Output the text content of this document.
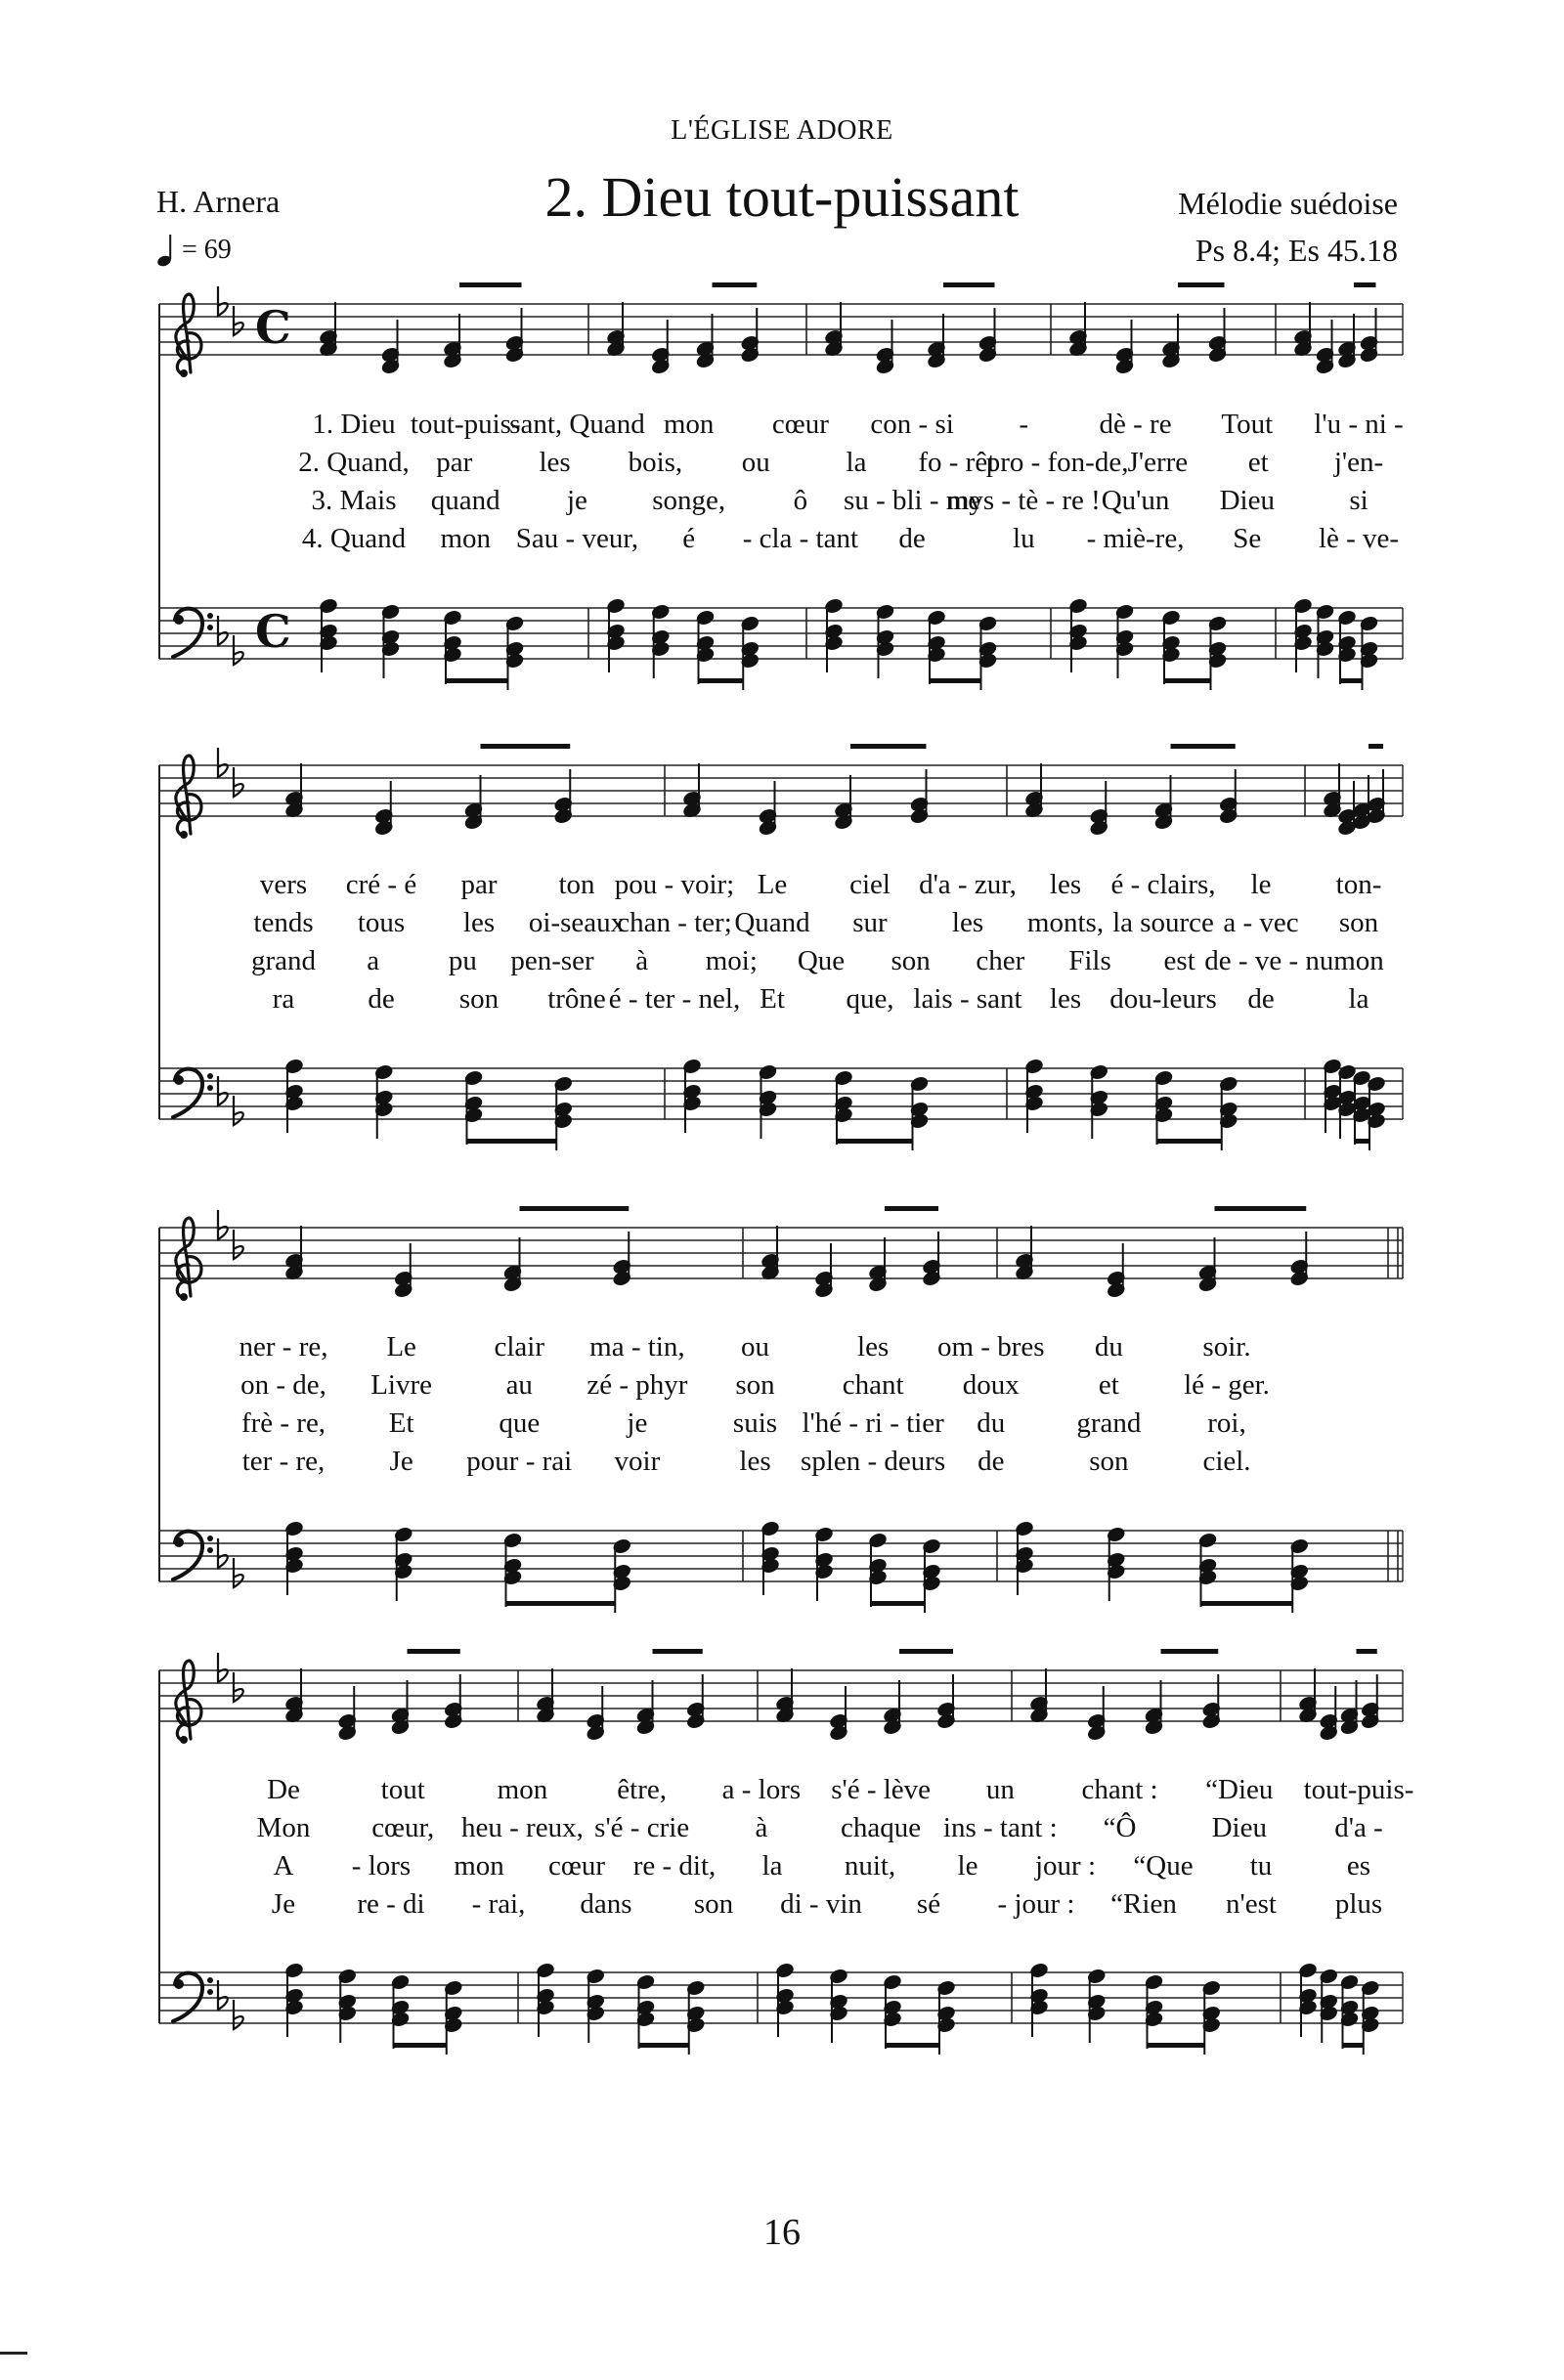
L'ÉGLISE ADORE
H. Arnera	2. Dieu tout-puissant	Mélodie suédoise
Ps 8.4; Es 45.18
= 69
C
C
1. Dieu tout-puis-
sant, Quand mon cœur con - si - dè - re Tout l'u - ni -
2. Quand, par les bois, ou	la fo - rêt
pro - fon-de, J'erre et j'en-
3. Mais quand je songe, ô su - bli - me
mys - tè - re ! Qu'un Dieu	si
4. Quand mon Sau - veur, é - cla - tant de	lu - miè-re, Se lè - ve-
vers cré - é par ton pou - voir; Le ciel d'a - zur, les é - clairs, le ton-
tends tous les oi-seaux
chan - ter; Quand sur les monts, la source a - vec son
grand a pu pen-ser à moi; Que son cher Fils est de - ve - nu mon
ra	de son trône é - ter - nel, Et que, lais - sant les dou-leurs de	la
ner - re, Le	clair ma - tin, ou	les om - bres du	soir.
on - de, Livre	au zé - phyr son chant doux	et lé - ger.
frè - re, Et	que	je	suis l'hé - ri - tier du	grand roi,
ter - re, Je pour - rai voir	les splen - deurs de	son	ciel.
De	tout	mon être, a - lors s'é - lève un chant : “Dieu tout-puis-
Mon cœur, heu - reux, s'é - crie à	chaque ins - tant : “Ô	Dieu d'a -
A - lors mon cœur re - dit, la nuit, le jour : “Que tu	es
Je re - di - rai, dans son di - vin sé - jour : “Rien n'est plus
16
